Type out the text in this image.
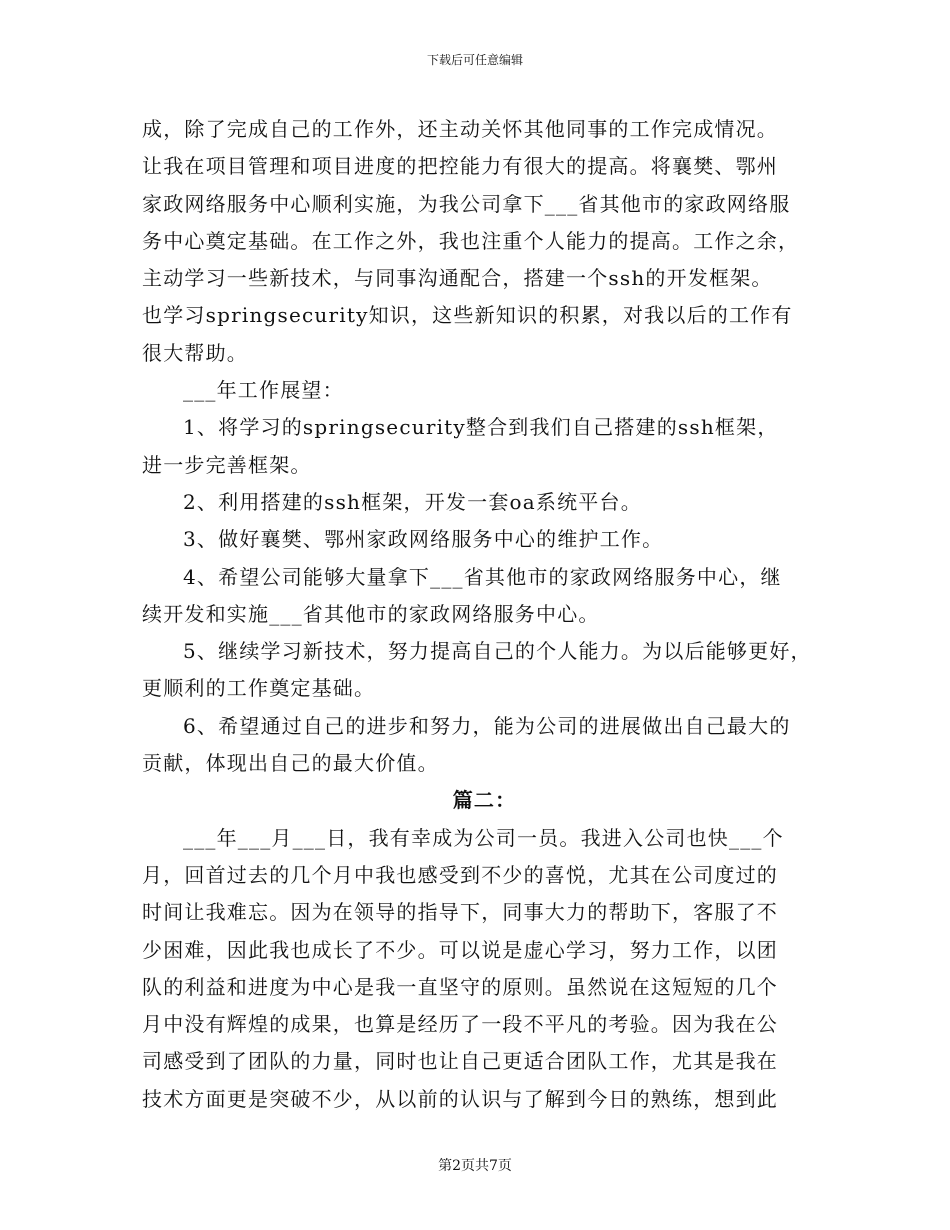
下载后可任意编辑
成，除了完成自己的工作外，还主动关怀其他同事的工作完成情况。
让我在项目管理和项目进度的把控能力有很大的提高。将襄樊、鄂州
家政网络服务中心顺利实施，为我公司拿下___省其他市的家政网络服
务中心奠定基础。在工作之外，我也注重个人能力的提高。工作之余，
主动学习一些新技术，与同事沟通配合，搭建一个ssh的开发框架。
也学习springsecurity知识，这些新知识的积累，对我以后的工作有
很大帮助。
___年工作展望：
1、将学习的springsecurity整合到我们自己搭建的ssh框架，
进一步完善框架。
2、利用搭建的ssh框架，开发一套oa系统平台。
3、做好襄樊、鄂州家政网络服务中心的维护工作。
4、希望公司能够大量拿下___省其他市的家政网络服务中心，继
续开发和实施___省其他市的家政网络服务中心。
5、继续学习新技术，努力提高自己的个人能力。为以后能够更好，
更顺利的工作奠定基础。
6、希望通过自己的进步和努力，能为公司的进展做出自己最大的
贡献，体现出自己的最大价值。
篇二：
___年___月___日，我有幸成为公司一员。我进入公司也快___个
月，回首过去的几个月中我也感受到不少的喜悦，尤其在公司度过的
时间让我难忘。因为在领导的指导下，同事大力的帮助下，客服了不
少困难，因此我也成长了不少。可以说是虚心学习，努力工作，以团
队的利益和进度为中心是我一直坚守的原则。虽然说在这短短的几个
月中没有辉煌的成果，也算是经历了一段不平凡的考验。因为我在公
司感受到了团队的力量，同时也让自己更适合团队工作，尤其是我在
技术方面更是突破不少，从以前的认识与了解到今日的熟练，想到此
第2页共7页
